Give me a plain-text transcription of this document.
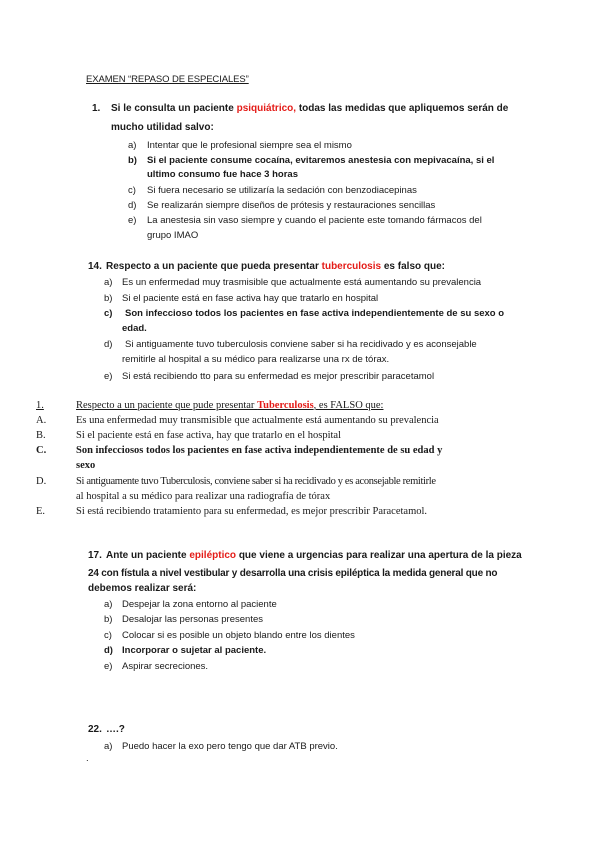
EXAMEN “REPASO DE ESPECIALES”
1. Si le consulta un paciente psiquiátrico, todas las medidas que apliquemos serán de
mucho utilidad salvo:
a) Intentar que le profesional siempre sea el mismo
b) Si el paciente consume cocaína, evitaremos anestesia con mepivacaína, si el
ultimo consumo fue hace 3 horas
c) Si fuera necesario se utilizaría la sedación con benzodiacepinas
d) Se realizarán siempre diseños de prótesis y restauraciones sencillas
e) La anestesia sin vaso siempre y cuando el paciente este tomando fármacos del
grupo IMAO
14. Respecto a un paciente que pueda presentar tuberculosis es falso que:
a) Es un enfermedad muy trasmisible que actualmente está aumentando su prevalencia
b) Si el paciente está en fase activa hay que tratarlo en hospital
c) Son infeccioso todos los pacientes en fase activa independientemente de su sexo o
edad.
d) Si antiguamente tuvo tuberculosis conviene saber si ha recidivado y es aconsejable
remitirle al hospital a su médico para realizarse una rx de tórax.
e) Si está recibiendo tto para su enfermedad es mejor prescribir paracetamol
1.	Respecto a un paciente que pude presentar Tuberculosis, es FALSO que:
A.	Es una enfermedad muy transmisible que actualmente está aumentando su prevalencia
B.	Si el paciente está en fase activa, hay que tratarlo en el hospital
C.	Son infecciosos todos los pacientes en fase activa independientemente de su edad y
sexo
D.	Si antiguamente tuvo Tuberculosis, conviene saber si ha recidivado y es aconsejable remitirle
al hospital a su médico para realizar una radiografía de tórax
E.	Si está recibiendo tratamiento para su enfermedad, es mejor prescribir Paracetamol.
17. Ante un paciente epiléptico que viene a urgencias para realizar una apertura de la pieza
24 con fístula a nivel vestibular y desarrolla una crisis epiléptica la medida general que no
debemos realizar será:
a) Despejar la zona entorno al paciente
b) Desalojar las personas presentes
c) Colocar si es posible un objeto blando entre los dientes
d) Incorporar o sujetar al paciente.
e) Aspirar secreciones.
22. ….?
a) Puedo hacer la exo pero tengo que dar ATB previo.
.
